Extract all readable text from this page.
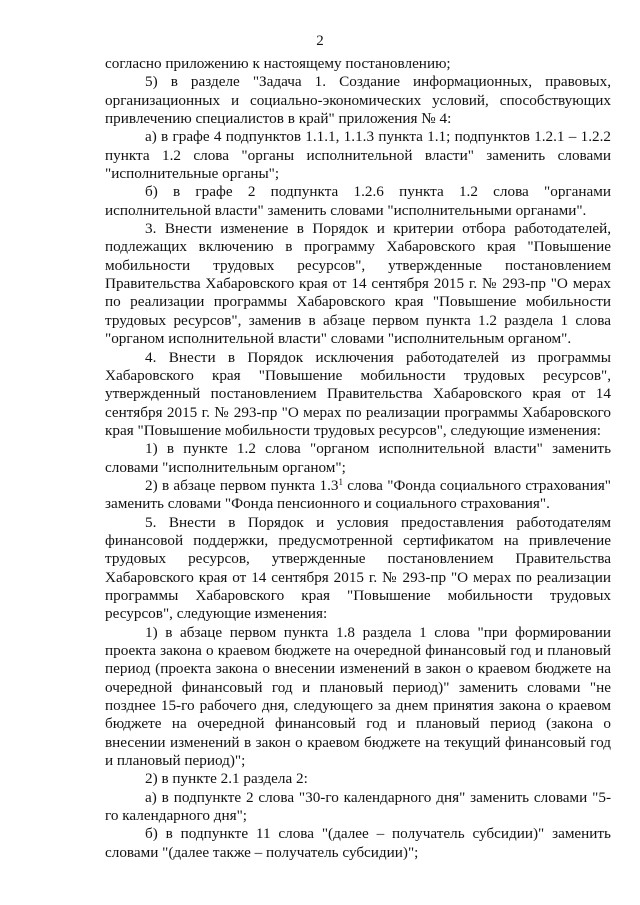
2

согласно приложению к настоящему постановлению;

5) в разделе "Задача 1. Создание информационных, правовых, организационных и социально-экономических условий, способствующих привлечению специалистов в край" приложения № 4:

а) в графе 4 подпунктов 1.1.1, 1.1.3 пункта 1.1; подпунктов 1.2.1 – 1.2.2 пункта 1.2 слова "органы исполнительной власти" заменить словами "исполнительные органы";

б) в графе 2 подпункта 1.2.6 пункта 1.2 слова "органами исполнительной власти" заменить словами "исполнительными органами".

3. Внести изменение в Порядок и критерии отбора работодателей, подлежащих включению в программу Хабаровского края "Повышение мобильности трудовых ресурсов", утвержденные постановлением Правительства Хабаровского края от 14 сентября 2015 г. № 293-пр "О мерах по реализации программы Хабаровского края "Повышение мобильности трудовых ресурсов", заменив в абзаце первом пункта 1.2 раздела 1 слова "органом исполнительной власти" словами "исполнительным органом".

4. Внести в Порядок исключения работодателей из программы Хабаровского края "Повышение мобильности трудовых ресурсов", утвержденный постановлением Правительства Хабаровского края от 14 сентября 2015 г. № 293-пр "О мерах по реализации программы Хабаровского края "Повышение мобильности трудовых ресурсов", следующие изменения:

1) в пункте 1.2 слова "органом исполнительной власти" заменить словами "исполнительным органом";

2) в абзаце первом пункта $1.3^1$ слова "Фонда социального страхования" заменить словами "Фонда пенсионного и социального страхования".

5. Внести в Порядок и условия предоставления работодателям финансовой поддержки, предусмотренной сертификатом на привлечение трудовых ресурсов, утвержденные постановлением Правительства Хабаровского края от 14 сентября 2015 г. № 293-пр "О мерах по реализации программы Хабаровского края "Повышение мобильности трудовых ресурсов", следующие изменения:

1) в абзаце первом пункта 1.8 раздела 1 слова "при формировании проекта закона о краевом бюджете на очередной финансовый год и плановый период (проекта закона о внесении изменений в закон о краевом бюджете на очередной финансовый год и плановый период)" заменить словами "не позднее 15-го рабочего дня, следующего за днем принятия закона о краевом бюджете на очередной финансовый год и плановый период (закона о внесении изменений в закон о краевом бюджете на текущий финансовый год и плановый период)";

2) в пункте 2.1 раздела 2:

а) в подпункте 2 слова "30-го календарного дня" заменить словами "5-го календарного дня";

б) в подпункте 11 слова "(далее – получатель субсидии)" заменить словами "(далее также – получатель субсидии)";
